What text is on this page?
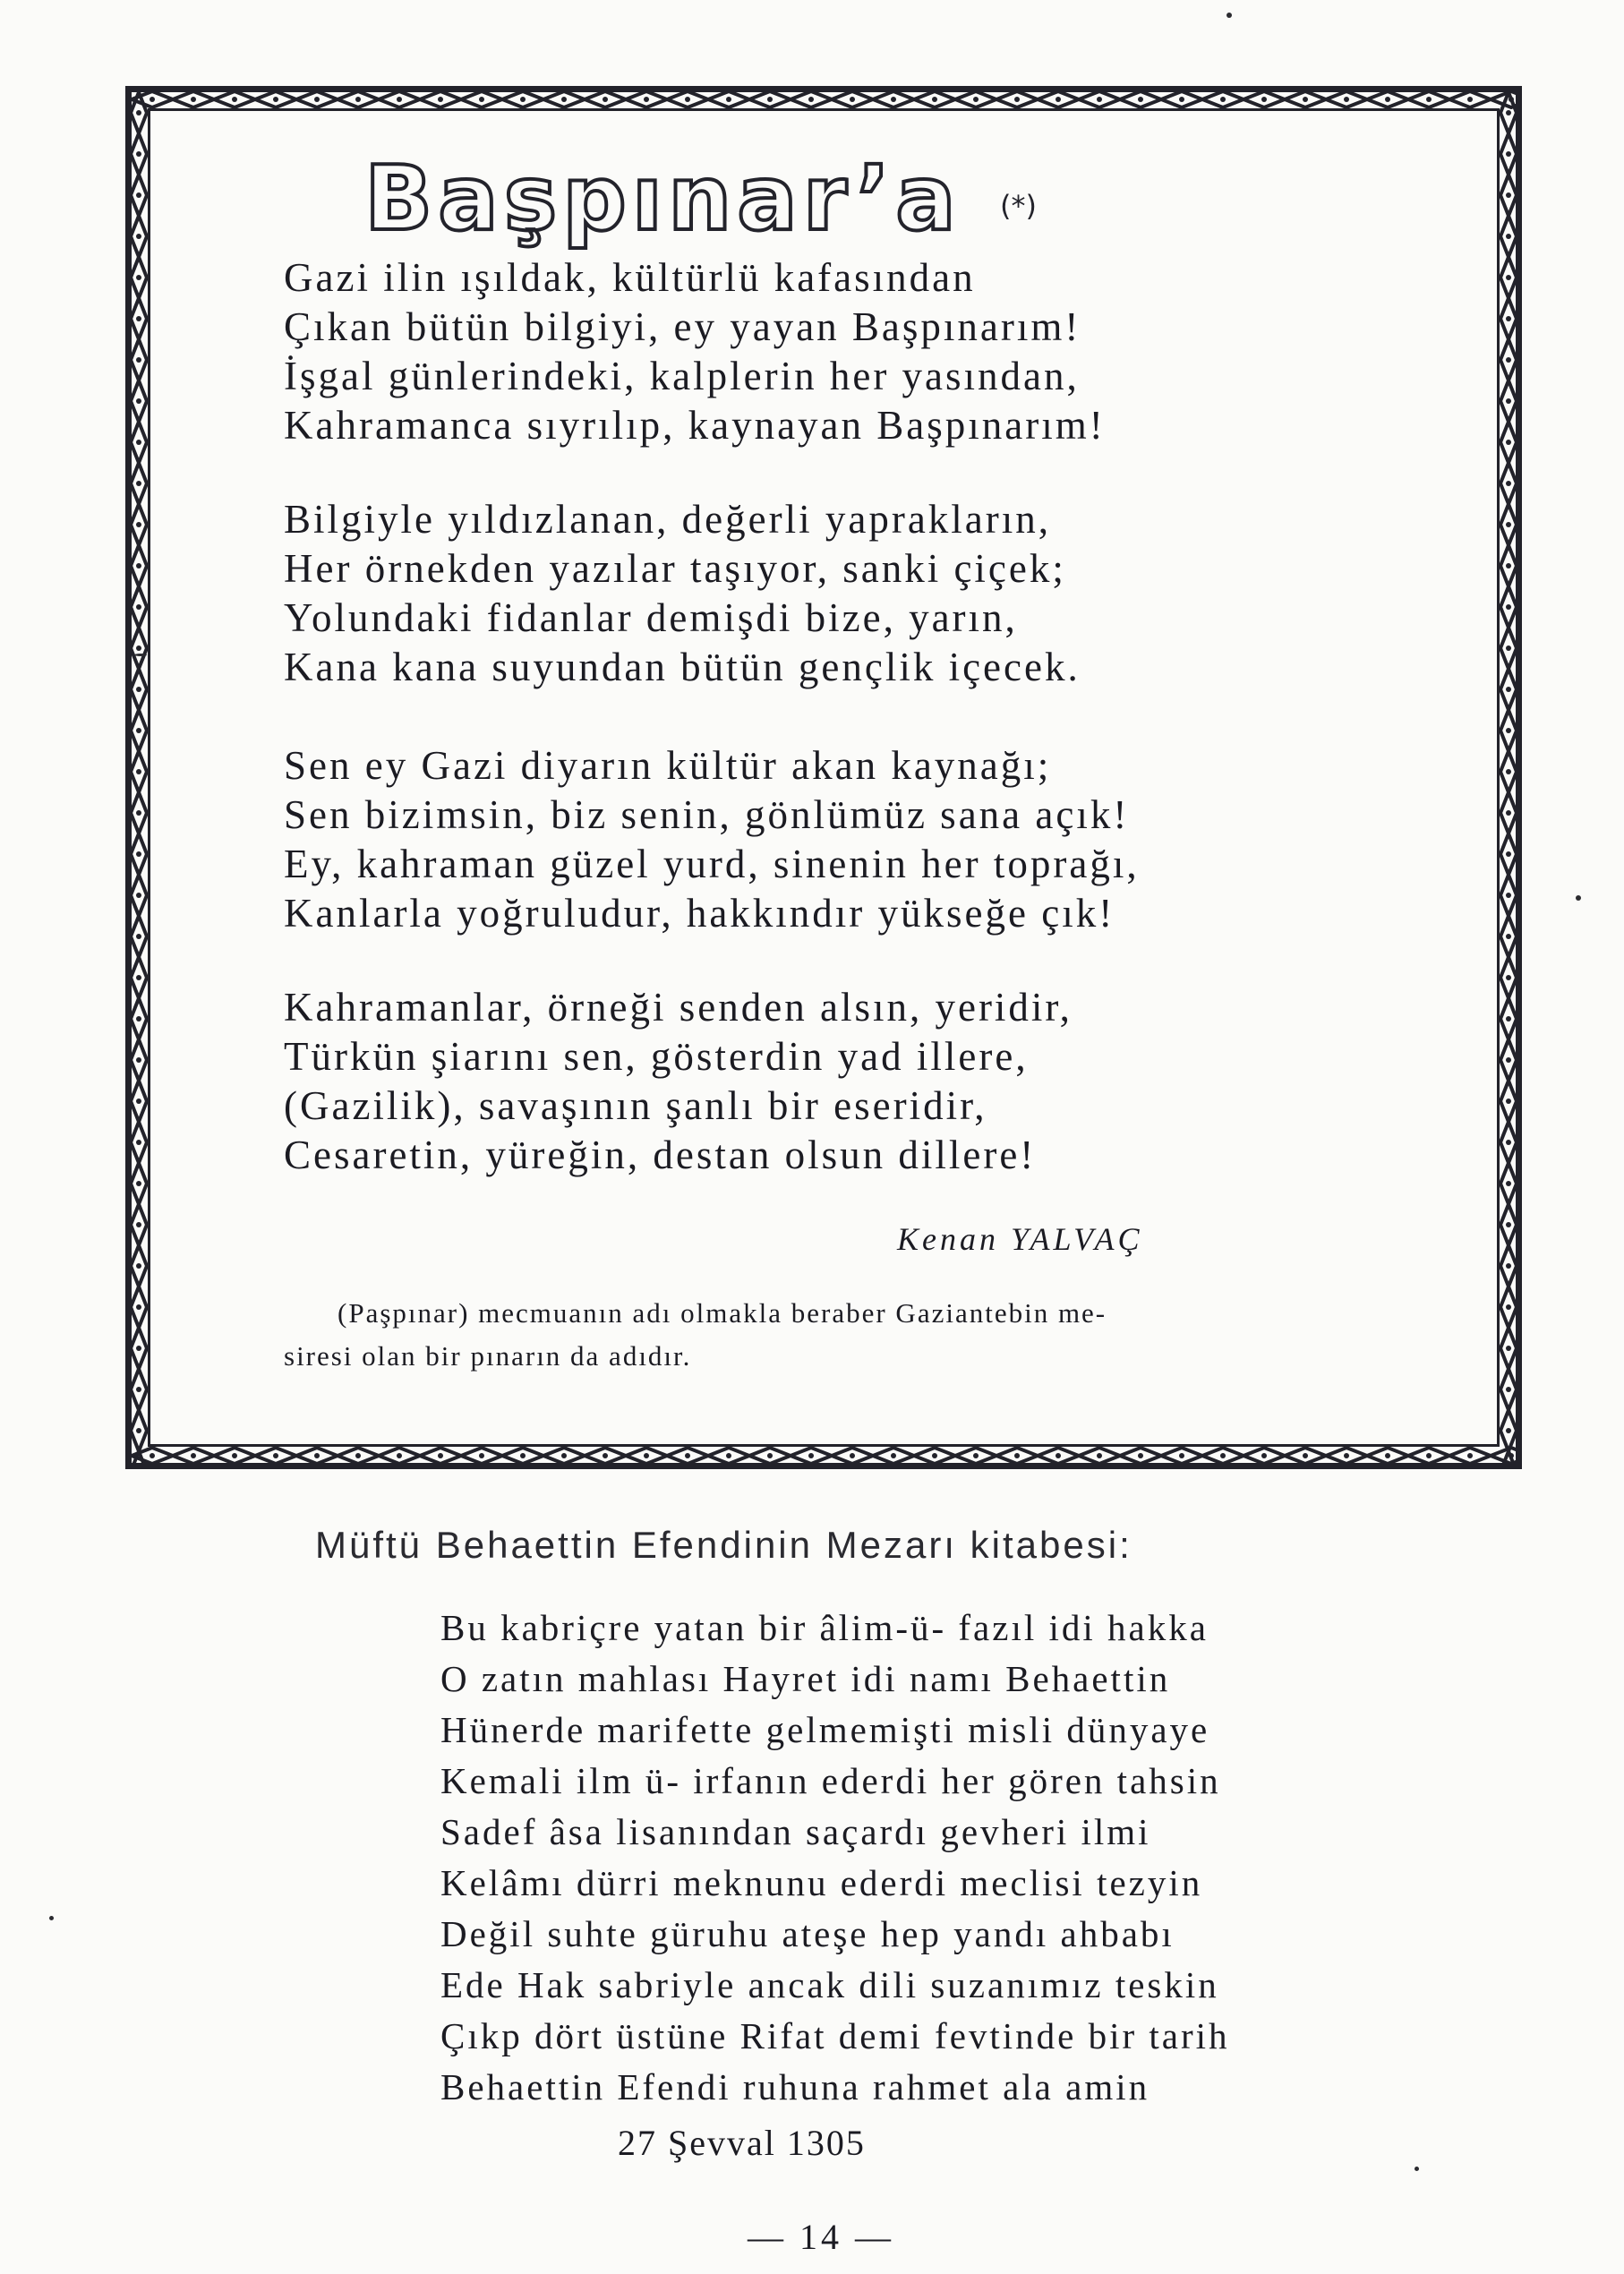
Başpınar’a (*)
Gazi ilin ışıldak, kültürlü kafasından
Çıkan bütün bilgiyi, ey yayan Başpınarım!
İşgal günlerindeki, kalplerin her yasından,
Kahramanca sıyrılıp, kaynayan Başpınarım!
Bilgiyle yıldızlanan, değerli yaprakların,
Her örnekden yazılar taşıyor, sanki çiçek;
Yolundaki fidanlar demişdi bize, yarın,
Kana kana suyundan bütün gençlik içecek.
Sen ey Gazi diyarın kültür akan kaynağı;
Sen bizimsin, biz senin, gönlümüz sana açık!
Ey, kahraman güzel yurd, sinenin her toprağı,
Kanlarla yoğruludur, hakkındır yükseğe çık!
Kahramanlar, örneği senden alsın, yeridir,
Türkün şiarını sen, gösterdin yad illere,
(Gazilik), savaşının şanlı bir eseridir,
Cesaretin, yüreğin, destan olsun dillere!
Kenan YALVAÇ
(Paşpınar) mecmuanın adı olmakla beraber Gaziantebin me-
siresi olan bir pınarın da adıdır.
Müftü Behaettin Efendinin Mezarı kitabesi:
Bu kabriçre yatan bir âlim-ü- fazıl idi hakka
O zatın mahlası Hayret idi namı Behaettin
Hünerde marifette gelmemişti misli dünyaye
Kemali ilm ü- irfanın ederdi her gören tahsin
Sadef âsa lisanından saçardı gevheri ilmi
Kelâmı dürri meknunu ederdi meclisi tezyin
Değil suhte güruhu ateşe hep yandı ahbabı
Ede Hak sabriyle ancak dili suzanımız teskin
Çıkp dört üstüne Rifat demi fevtinde bir tarih
Behaettin Efendi ruhuna rahmet ala amin
27 Şevval 1305
— 14 —
